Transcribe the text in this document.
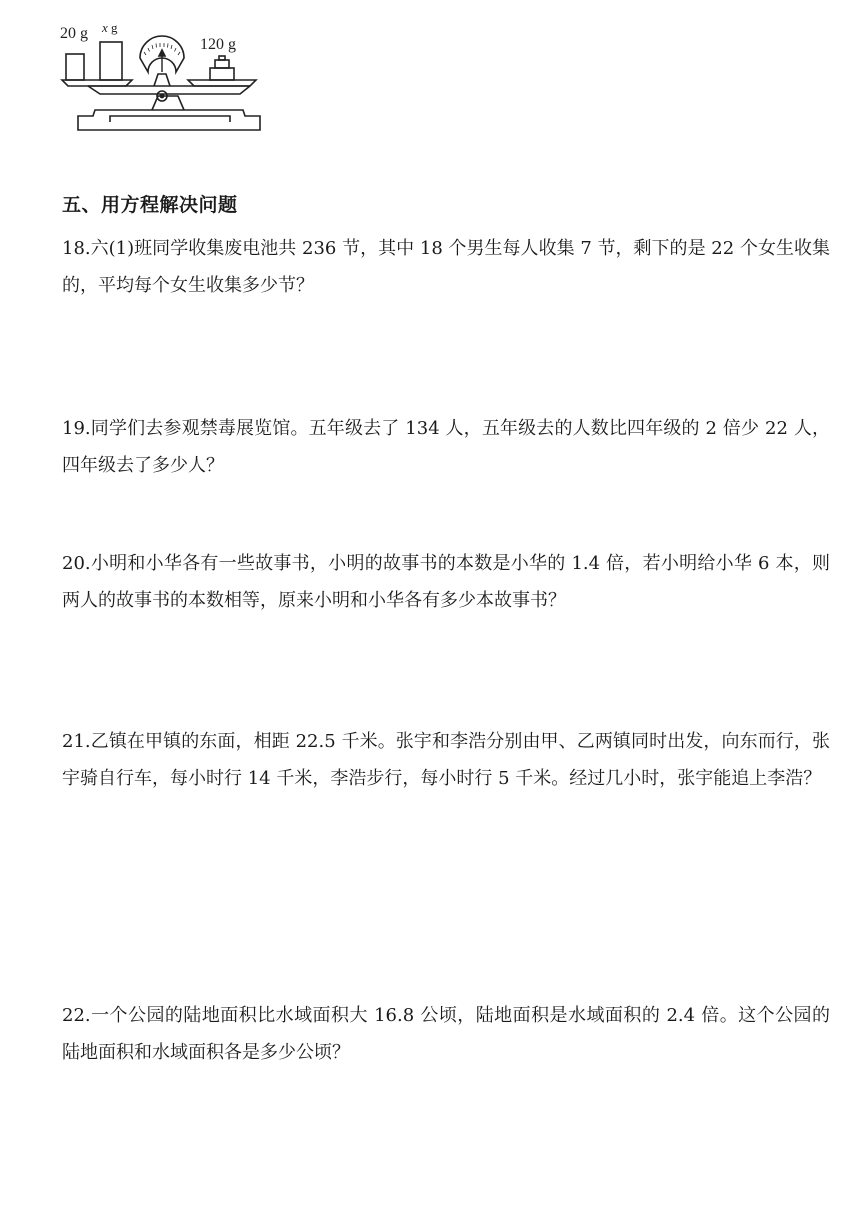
20 g x g
120 g
五、用方程解决问题
18.六(1)班同学收集废电池共 236 节，其中 18 个男生每人收集 7 节，剩下的是 22 个女生收集的，平均每个女生收集多少节？
19.同学们去参观禁毒展览馆。五年级去了 134 人，五年级去的人数比四年级的 2 倍少 22 人，四年级去了多少人？
20.小明和小华各有一些故事书，小明的故事书的本数是小华的 1.4 倍，若小明给小华 6 本，则两人的故事书的本数相等，原来小明和小华各有多少本故事书？
21.乙镇在甲镇的东面，相距 22.5 千米。张宇和李浩分别由甲、乙两镇同时出发，向东而行，张宇骑自行车，每小时行 14 千米，李浩步行，每小时行 5 千米。经过几小时，张宇能追上李浩？
22.一个公园的陆地面积比水域面积大 16.8 公顷，陆地面积是水域面积的 2.4 倍。这个公园的陆地面积和水域面积各是多少公顷？
